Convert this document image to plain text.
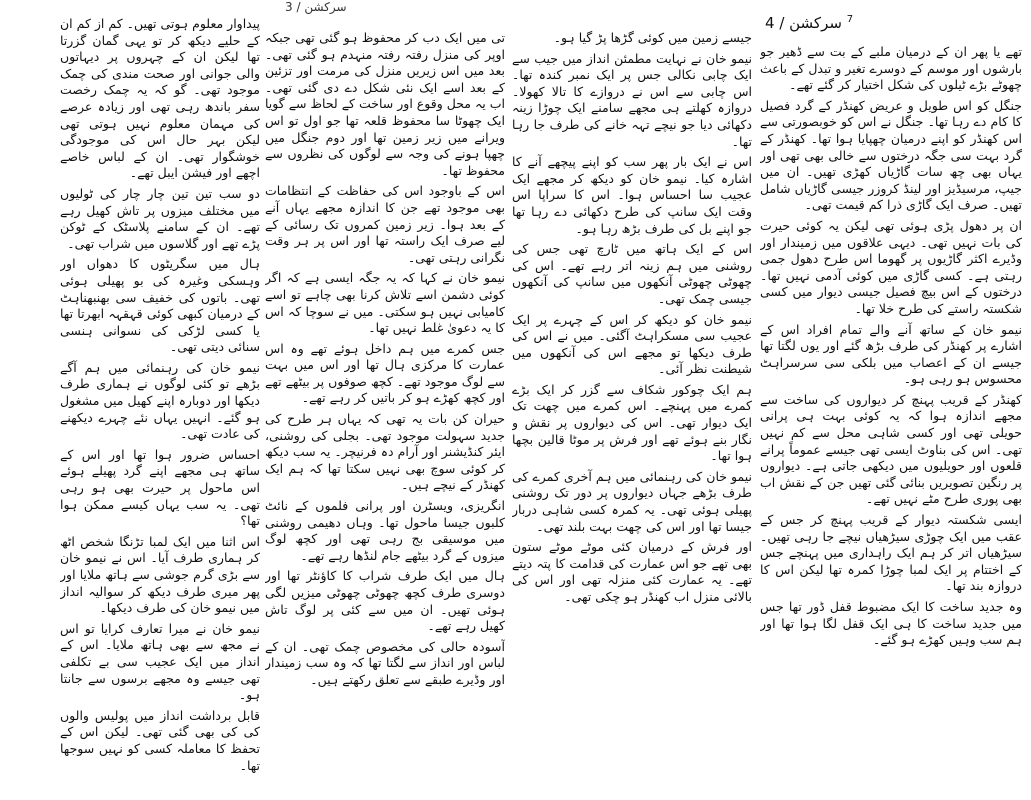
سرکشن / 3
$^7$ سرکشن / 4

تھے یا پھر ان کے درمیان ملبے کے بت سے ڈھیر جو بارشوں اور موسم کے دوسرے تغیر و تبدل کے باعث چھوٹے بڑے ٹیلوں کی شکل اختیار کر گئے تھے۔

جنگل کو اس طویل و عریض کھنڈر کے گرد فصیل کا کام دے رہا تھا۔ جنگل نے اس کو خوبصورتی سے اس کھنڈر کو اپنے درمیان چھپایا ہوا تھا۔ کھنڈر کے گرد بہت سی جگہ درختوں سے خالی بھی تھی اور یہاں بھی چھ سات گاڑیاں کھڑی تھیں۔ ان میں جیپ، مرسیڈیز اور لینڈ کروزر جیسی گاڑیاں شامل تھیں۔ صرف ایک گاڑی ذرا کم قیمت تھی۔

ان پر دھول پڑی ہوئی تھی لیکن یہ کوئی حیرت کی بات نہیں تھی۔ دیہی علاقوں میں زمیندار اور وڈیرے اکثر گاڑیوں پر گھوما اس طرح دھول جمی رہتی ہے۔ کسی گاڑی میں کوئی آدمی نہیں تھا۔ درختوں کے اس بیچ فصیل جیسی دیوار میں کسی شکستہ راستے کی طرح خلا تھا۔

نیمو خان کے ساتھ آنے والے تمام افراد اس کے اشارے پر کھنڈر کی طرف بڑھ گئے اور یوں لگتا تھا جیسے ان کے اعصاب میں بلکی سی سرسراہٹ محسوس ہو رہی ہو۔

کھنڈر کے قریب پہنچ کر دیواروں کی ساخت سے مجھے اندازہ ہوا کہ یہ کوئی بہت ہی پرانی حویلی تھی اور کسی شاہی محل سے کم نہیں تھی۔ اس کی بناوٹ ایسی تھی جیسے عموماً پرانے قلعوں اور حویلیوں میں دیکھی جاتی ہے۔ دیواروں پر رنگین تصویریں بنائی گئی تھیں جن کے نقش اب بھی پوری طرح مٹے نہیں تھے۔

ایسی شکستہ دیوار کے قریب پہنچ کر جس کے عقب میں ایک چوڑی سیڑھیاں نیچے جا رہی تھیں۔ سیڑھیاں اتر کر ہم ایک راہداری میں پہنچے جس کے اختتام پر ایک لمبا چوڑا کمرہ تھا لیکن اس کا دروازہ بند تھا۔

وہ جدید ساخت کا ایک مضبوط قفل ڈور تھا جس میں جدید ساخت کا ہی ایک قفل لگا ہوا تھا اور ہم سب وہیں کھڑے ہو گئے۔

جیسے زمین میں کوئی گڑھا پڑ گیا ہو۔

نیمو خان نے نہایت مطمئن انداز میں جیب سے ایک چابی نکالی جس پر ایک نمبر کندہ تھا۔ اس چابی سے اس نے دروازے کا تالا کھولا۔ دروازہ کھلتے ہی مجھے سامنے ایک چوڑا زینہ دکھائی دیا جو نیچے تہہ خانے کی طرف جا رہا تھا۔

اس نے ایک بار پھر سب کو اپنے پیچھے آنے کا اشارہ کیا۔ نیمو خان کو دیکھ کر مجھے ایک عجیب سا احساس ہوا۔ اس کا سراپا اس وقت ایک سانپ کی طرح دکھائی دے رہا تھا جو اپنے بل کی طرف بڑھ رہا ہو۔

اس کے ایک ہاتھ میں ٹارچ تھی جس کی روشنی میں ہم زینہ اتر رہے تھے۔ اس کی چھوٹی چھوٹی آنکھوں میں سانپ کی آنکھوں جیسی چمک تھی۔

نیمو خان کو دیکھ کر اس کے چہرے پر ایک عجیب سی مسکراہٹ آگئی۔ میں نے اس کی طرف دیکھا تو مجھے اس کی آنکھوں میں شیطنت نظر آئی۔

ہم ایک چوکور شکاف سے گزر کر ایک بڑے کمرے میں پہنچے۔ اس کمرے میں چھت تک ایک دیوار تھی۔ اس کی دیواروں پر نقش و نگار بنے ہوئے تھے اور فرش پر موٹا قالین بچھا ہوا تھا۔

نیمو خان کی رہنمائی میں ہم آخری کمرے کی طرف بڑھے جہاں دیواروں پر دور تک روشنی پھیلی ہوئی تھی۔ یہ کمرہ کسی شاہی دربار جیسا تھا اور اس کی چھت بہت بلند تھی۔

اور فرش کے درمیان کئی موٹے موٹے ستون بھی تھے جو اس عمارت کی قدامت کا پتہ دیتے تھے۔ یہ عمارت کئی منزلہ تھی اور اس کی بالائی منزل اب کھنڈر ہو چکی تھی۔

تی میں ایک دب کر محفوظ ہو گئی تھی جبکہ اوپر کی منزل رفتہ رفتہ منہدم ہو گئی تھی۔ بعد میں اس زیریں منزل کی مرمت اور تزئین کے بعد اسے ایک نئی شکل دے دی گئی تھی۔ اب یہ محل وقوع اور ساخت کے لحاظ سے گویا ایک چھوٹا سا محفوظ قلعہ تھا جو اول تو اس ویرانے میں زیر زمین تھا اور دوم جنگل میں چھپا ہونے کی وجہ سے لوگوں کی نظروں سے محفوظ تھا۔

اس کے باوجود اس کی حفاظت کے انتظامات بھی موجود تھے جن کا اندازہ مجھے یہاں آنے کے بعد ہوا۔ زیر زمین کمروں تک رسائی کے لیے صرف ایک راستہ تھا اور اس پر ہر وقت نگرانی رہتی تھی۔

نیمو خان نے کہا کہ یہ جگہ ایسی ہے کہ اگر کوئی دشمن اسے تلاش کرنا بھی چاہے تو اسے کامیابی نہیں ہو سکتی۔ میں نے سوچا کہ اس کا یہ دعویٰ غلط نہیں تھا۔

جس کمرے میں ہم داخل ہوئے تھے وہ اس عمارت کا مرکزی ہال تھا اور اس میں بہت سے لوگ موجود تھے۔ کچھ صوفوں پر بیٹھے تھے اور کچھ کھڑے ہو کر باتیں کر رہے تھے۔

حیران کن بات یہ تھی کہ یہاں ہر طرح کی جدید سہولت موجود تھی۔ بجلی کی روشنی، ایئر کنڈیشنر اور آرام دہ فرنیچر۔ یہ سب دیکھ کر کوئی سوچ بھی نہیں سکتا تھا کہ ہم ایک کھنڈر کے نیچے ہیں۔

انگریزی، ویسٹرن اور پرانی فلموں کے نائٹ کلبوں جیسا ماحول تھا۔ وہاں دھیمی روشنی میں موسیقی بج رہی تھی اور کچھ لوگ میزوں کے گرد بیٹھے جام لنڈھا رہے تھے۔

ہال میں ایک طرف شراب کا کاؤنٹر تھا اور دوسری طرف کچھ چھوٹی چھوٹی میزیں لگی ہوئی تھیں۔ ان میں سے کئی پر لوگ تاش کھیل رہے تھے۔

آسودہ حالی کی مخصوص چمک تھی۔ ان کے لباس اور انداز سے لگتا تھا کہ وہ سب زمیندار اور وڈیرے طبقے سے تعلق رکھتے ہیں۔

پیداوار معلوم ہوتی تھیں۔ کم از کم ان کے حلیے دیکھ کر تو یہی گمان گزرتا تھا لیکن ان کے چہروں پر دیہاتوں والی جوانی اور صحت مندی کی چمک موجود تھی۔ گو کہ یہ چمک رخصت سفر باندھ رہی تھی اور زیادہ عرصے کی مہمان معلوم نہیں ہوتی تھی لیکن بہر حال اس کی موجودگی خوشگوار تھی۔ ان کے لباس خاصے اچھے اور فیشن ایبل تھے۔

دو سب تین تین چار چار کی ٹولیوں میں مختلف میزوں پر تاش کھیل رہے تھے۔ ان کے سامنے پلاسٹک کے ٹوکن پڑے تھے اور گلاسوں میں شراب تھی۔

ہال میں سگریٹوں کا دھواں اور وہسکی وغیرہ کی بو پھیلی ہوئی تھی۔ باتوں کی خفیف سی بھنبھناہٹ کے درمیان کبھی کوئی قہقہہ ابھرتا تھا یا کسی لڑکی کی نسوانی ہنسی سنائی دیتی تھی۔

نیمو خان کی رہنمائی میں ہم آگے بڑھے تو کئی لوگوں نے ہماری طرف دیکھا اور دوبارہ اپنے کھیل میں مشغول ہو گئے۔ انہیں یہاں نئے چہرے دیکھنے کی عادت تھی۔

احساس ضرور ہوا تھا اور اس کے ساتھ ہی مجھے اپنے گرد پھیلے ہوئے اس ماحول پر حیرت بھی ہو رہی تھی۔ یہ سب یہاں کیسے ممکن ہوا تھا؟

اس اثنا میں ایک لمبا تڑنگا شخص اٹھ کر ہماری طرف آیا۔ اس نے نیمو خان سے بڑی گرم جوشی سے ہاتھ ملایا اور پھر میری طرف دیکھ کر سوالیہ انداز میں نیمو خان کی طرف دیکھا۔

نیمو خان نے میرا تعارف کرایا تو اس نے مجھ سے بھی ہاتھ ملایا۔ اس کے انداز میں ایک عجیب سی بے تکلفی تھی جیسے وہ مجھے برسوں سے جانتا ہو۔

قابل برداشت انداز میں پولیس والوں کی کی بھی گئی تھی۔ لیکن اس کے تحفظ کا معاملہ کسی کو نہیں سوجھا تھا۔
